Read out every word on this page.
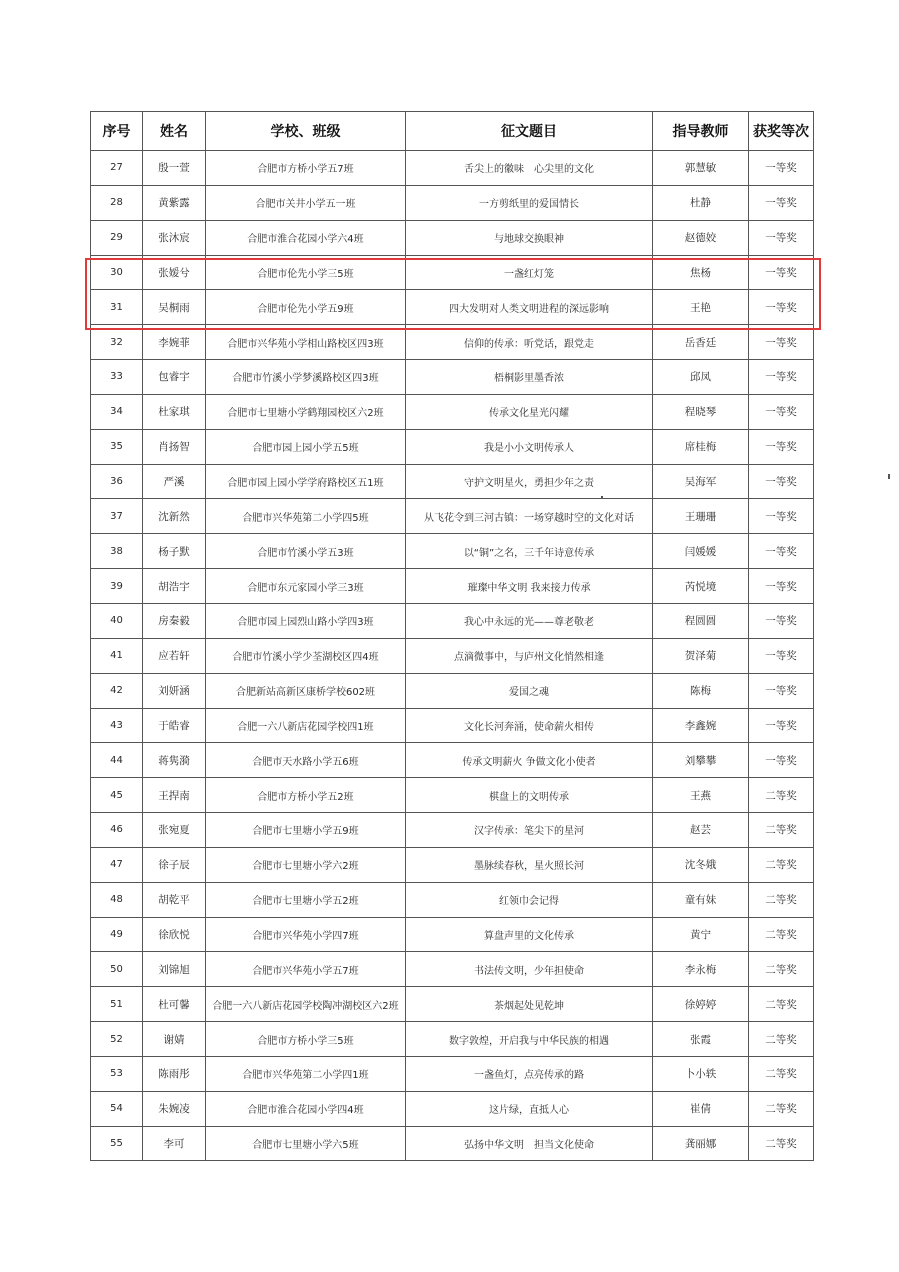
序号	姓名	学校、班级	征文题目	指导教师	获奖等次
27	殷一萱	合肥市方桥小学五7班	舌尖上的徽味　心尖里的文化	郭慧敏	一等奖
28	黄紫露	合肥市关井小学五一班	一方剪纸里的爱国情长	杜静	一等奖
29	张沐宸	合肥市淮合花园小学六4班	与地球交换眼神	赵德姣	一等奖
30	张嫒兮	合肥市伦先小学三5班	一盏红灯笼	焦杨	一等奖
31	吴桐雨	合肥市伦先小学五9班	四大发明对人类文明进程的深远影响	王艳	一等奖
32	李婉菲	合肥市兴华苑小学相山路校区四3班	信仰的传承：听党话，跟党走	岳香廷	一等奖
33	包睿宇	合肥市竹溪小学梦溪路校区四3班	梧桐影里墨香浓	邱凤	一等奖
34	杜家琪	合肥市七里塘小学鹤翔园校区六2班	传承文化星光闪耀	程晓琴	一等奖
35	肖扬智	合肥市园上园小学五5班	我是小小文明传承人	席桂梅	一等奖
36	严溪	合肥市园上园小学学府路校区五1班	守护文明星火，勇担少年之责	吴海军	一等奖
37	沈新然	合肥市兴华苑第二小学四5班	从飞花令到三河古镇：一场穿越时空的文化对话	王珊珊	一等奖
38	杨子默	合肥市竹溪小学五3班	以“铜”之名，三千年诗意传承	闫媛媛	一等奖
39	胡浩宇	合肥市东元家园小学三3班	璀璨中华文明 我来接力传承	芮悦境	一等奖
40	房秦毅	合肥市园上园烈山路小学四3班	我心中永远的光——尊老敬老	程圆圆	一等奖
41	应若轩	合肥市竹溪小学少荃湖校区四4班	点滴微事中，与庐州文化悄然相逢	贺泽菊	一等奖
42	刘妍涵	合肥新站高新区康桥学校602班	爱国之魂	陈梅	一等奖
43	于皓睿	合肥一六八新店花园学校四1班	文化长河奔涌，使命薪火相传	李鑫婉	一等奖
44	蒋隽漪	合肥市天水路小学五6班	传承文明薪火 争做文化小使者	刘攀攀	一等奖
45	王捍南	合肥市方桥小学五2班	棋盘上的文明传承	王燕	二等奖
46	张宛夏	合肥市七里塘小学五9班	汉字传承：笔尖下的星河	赵芸	二等奖
47	徐子辰	合肥市七里塘小学六2班	墨脉续春秋，星火照长河	沈冬娥	二等奖
48	胡乾平	合肥市七里塘小学五2班	红领巾会记得	童有妹	二等奖
49	徐欣悦	合肥市兴华苑小学四7班	算盘声里的文化传承	黄宁	二等奖
50	刘锦旭	合肥市兴华苑小学五7班	书法传文明，少年担使命	李永梅	二等奖
51	杜可馨	合肥一六八新店花园学校陶冲湖校区六2班	茶烟起处见乾坤	徐婷婷	二等奖
52	谢婧	合肥市方桥小学三5班	数字敦煌，开启我与中华民族的相遇	张霞	二等奖
53	陈雨彤	合肥市兴华苑第二小学四1班	一盏鱼灯，点亮传承的路	卜小轶	二等奖
54	朱婉凌	合肥市淮合花园小学四4班	这片绿，直抵人心	崔倩	二等奖
55	李可	合肥市七里塘小学六5班	弘扬中华文明　担当文化使命	龚丽娜	二等奖
